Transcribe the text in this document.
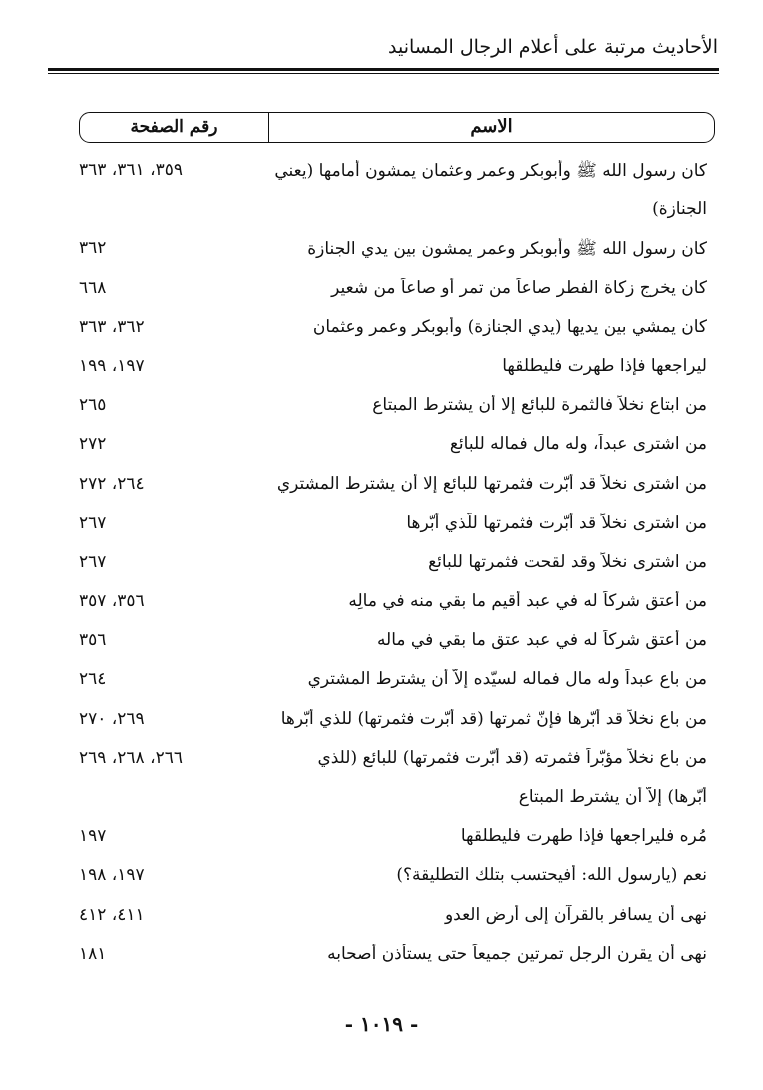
الأحاديث مرتبة على أعلام الرجال المسانيد
الاسم
رقم الصفحة
كان رسول الله ﷺ وأبوبكر وعمر وعثمان يمشون أمامها (يعني
٣٥٩، ٣٦١، ٣٦٣
الجنازة)
كان رسول الله ﷺ وأبوبكر وعمر يمشون بين يدي الجنازة
٣٦٢
كان يخرج زكاة الفطر صاعاً من تمر أو صاعاً من شعير
٦٦٨
كان يمشي بين يديها (يدي الجنازة) وأبوبكر وعمر وعثمان
٣٦٢، ٣٦٣
ليراجعها فإذا طهرت فليطلقها
١٩٧، ١٩٩
من ابتاع نخلاً فالثمرة للبائع إلا أن يشترط المبتاع
٢٦٥
من اشترى عبداً، وله مال فماله للبائع
٢٧٢
من اشترى نخلاً قد أُبّرت فثمرتها للبائع إلا أن يشترط المشتري
٢٦٤، ٢٧٢
من اشترى نخلاً قد أُبّرت فثمرتها للّذي أبّرها
٢٦٧
من اشترى نخلاً وقد لقحت فثمرتها للبائع
٢٦٧
من أعتق شركاً له في عبد أقيم ما بقي منه في مالِه
٣٥٦، ٣٥٧
من أعتق شركاً له في عبد عتق ما بقي في ماله
٣٥٦
من باع عبداً وله مال فماله لسيّده إلاّ أن يشترط المشتري
٢٦٤
من باع نخلاً قد أبّرها فإنّ ثمرتها (قد أبّرت فثمرتها) للذي أبّرها
٢٦٩، ٢٧٠
من باع نخلاً مؤبّراً فثمرته (قد أبّرت فثمرتها) للبائع (للذي
٢٦٦، ٢٦٨، ٢٦٩
أبّرها) إلاّ أن يشترط المبتاع
مُره فليراجعها فإذا طهرت فليطلقها
١٩٧
نعم (يارسول الله: أفيحتسب بتلك التطليقة؟)
١٩٧، ١٩٨
نهى أن يسافر بالقرآن إلى أرض العدو
٤١١، ٤١٢
نهى أن يقرن الرجل تمرتين جميعاً حتى يستأذن أصحابه
١٨١
- ١٠١٩ -
